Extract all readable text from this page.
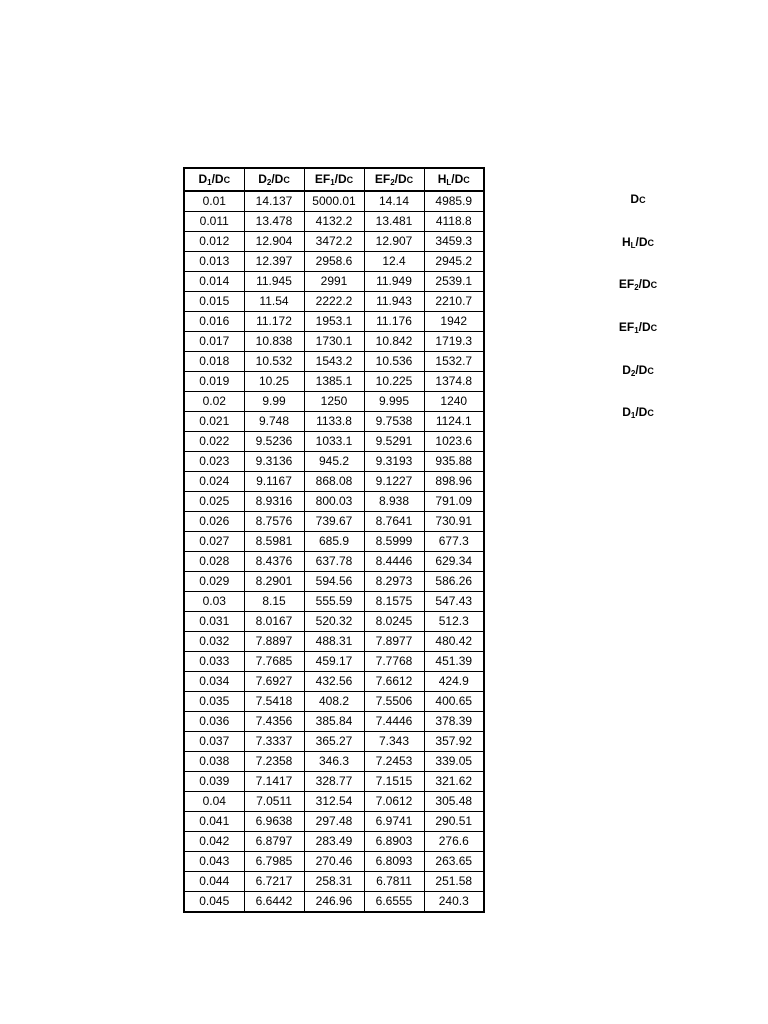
$D_1/DC$	$D_2/DC$	$EF_1/DC$	$EF_2/DC$	$H_L/DC$
0.01	14.137	5000.01	14.14	4985.9
0.011	13.478	4132.2	13.481	4118.8
0.012	12.904	3472.2	12.907	3459.3
0.013	12.397	2958.6	12.4	2945.2
0.014	11.945	2991	11.949	2539.1
0.015	11.54	2222.2	11.943	2210.7
0.016	11.172	1953.1	11.176	1942
0.017	10.838	1730.1	10.842	1719.3
0.018	10.532	1543.2	10.536	1532.7
0.019	10.25	1385.1	10.225	1374.8
0.02	9.99	1250	9.995	1240
0.021	9.748	1133.8	9.7538	1124.1
0.022	9.5236	1033.1	9.5291	1023.6
0.023	9.3136	945.2	9.3193	935.88
0.024	9.1167	868.08	9.1227	898.96
0.025	8.9316	800.03	8.938	791.09
0.026	8.7576	739.67	8.7641	730.91
0.027	8.5981	685.9	8.5999	677.3
0.028	8.4376	637.78	8.4446	629.34
0.029	8.2901	594.56	8.2973	586.26
0.03	8.15	555.59	8.1575	547.43
0.031	8.0167	520.32	8.0245	512.3
0.032	7.8897	488.31	7.8977	480.42
0.033	7.7685	459.17	7.7768	451.39
0.034	7.6927	432.56	7.6612	424.9
0.035	7.5418	408.2	7.5506	400.65
0.036	7.4356	385.84	7.4446	378.39
0.037	7.3337	365.27	7.343	357.92
0.038	7.2358	346.3	7.2453	339.05
0.039	7.1417	328.77	7.1515	321.62
0.04	7.0511	312.54	7.0612	305.48
0.041	6.9638	297.48	6.9741	290.51
0.042	6.8797	283.49	6.8903	276.6
0.043	6.7985	270.46	6.8093	263.65
0.044	6.7217	258.31	6.7811	251.58
0.045	6.6442	246.96	6.6555	240.3
DC
$H_L/DC$
$EF_2/DC$
$EF_1/DC$
$D_2/DC$
$D_1/DC$
